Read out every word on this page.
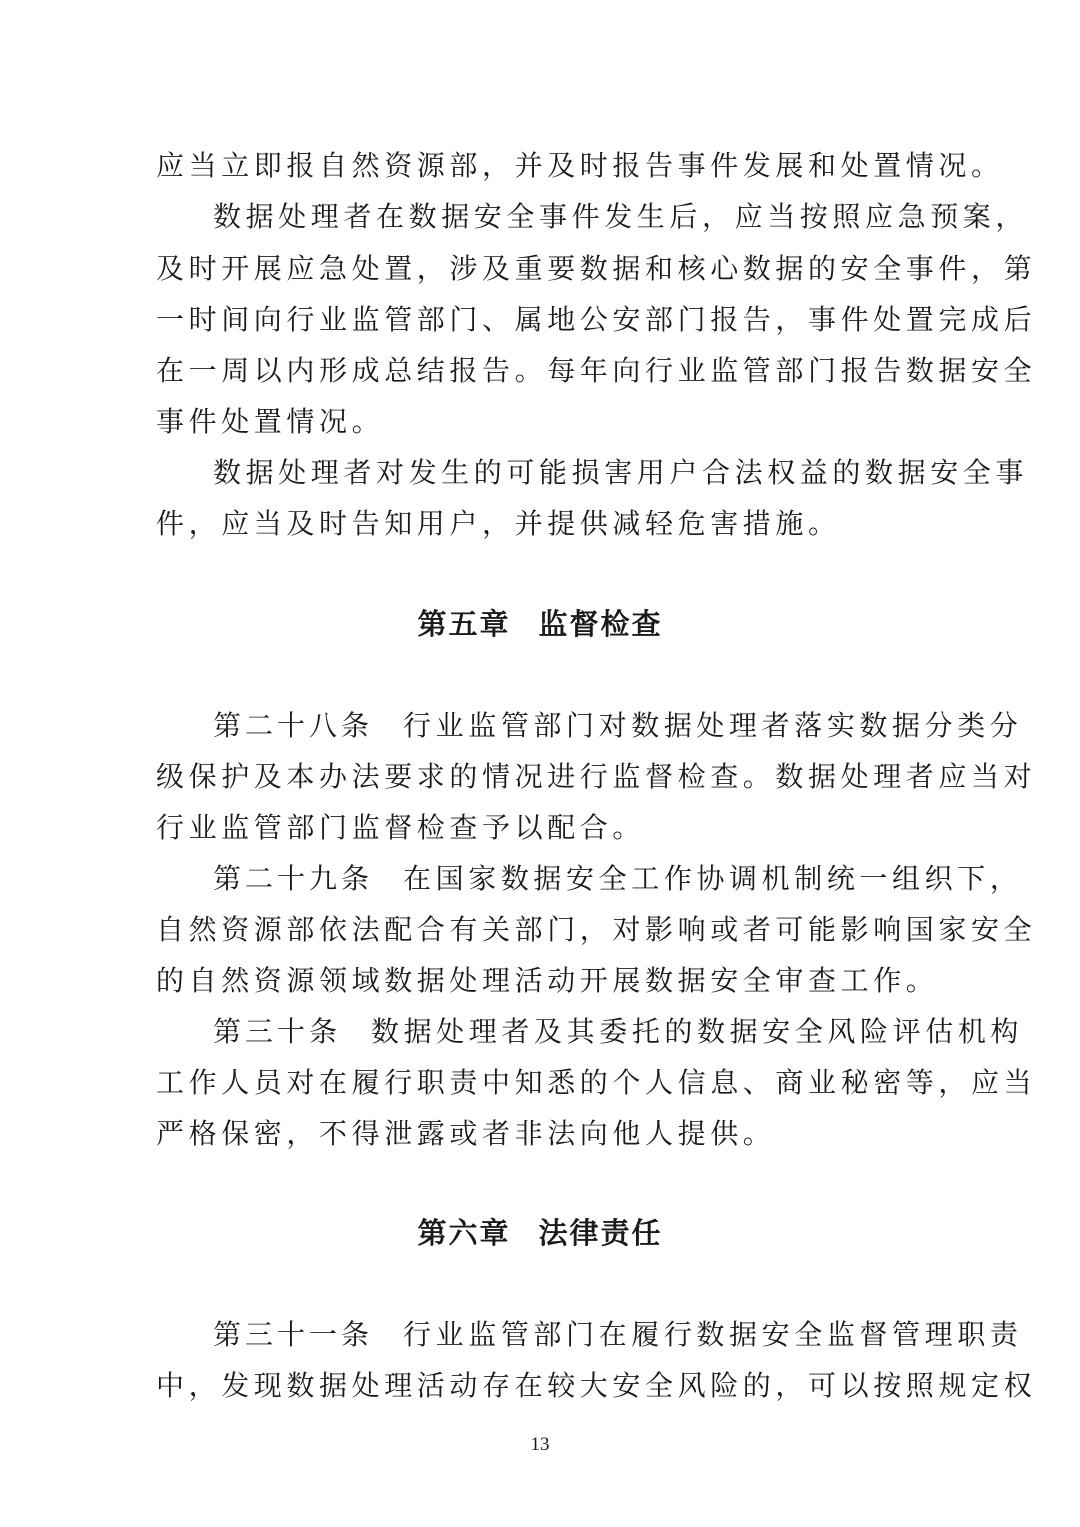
应当立即报自然资源部，并及时报告事件发展和处置情况。
数据处理者在数据安全事件发生后，应当按照应急预案，
及时开展应急处置，涉及重要数据和核心数据的安全事件，第
一时间向行业监管部门、属地公安部门报告，事件处置完成后
在一周以内形成总结报告。每年向行业监管部门报告数据安全
事件处置情况。
数据处理者对发生的可能损害用户合法权益的数据安全事
件，应当及时告知用户，并提供减轻危害措施。
第五章 监督检查
第二十八条 行业监管部门对数据处理者落实数据分类分
级保护及本办法要求的情况进行监督检查。数据处理者应当对
行业监管部门监督检查予以配合。
第二十九条 在国家数据安全工作协调机制统一组织下，
自然资源部依法配合有关部门，对影响或者可能影响国家安全
的自然资源领域数据处理活动开展数据安全审查工作。
第三十条 数据处理者及其委托的数据安全风险评估机构
工作人员对在履行职责中知悉的个人信息、商业秘密等，应当
严格保密，不得泄露或者非法向他人提供。
第六章 法律责任
第三十一条 行业监管部门在履行数据安全监督管理职责
中，发现数据处理活动存在较大安全风险的，可以按照规定权
13
